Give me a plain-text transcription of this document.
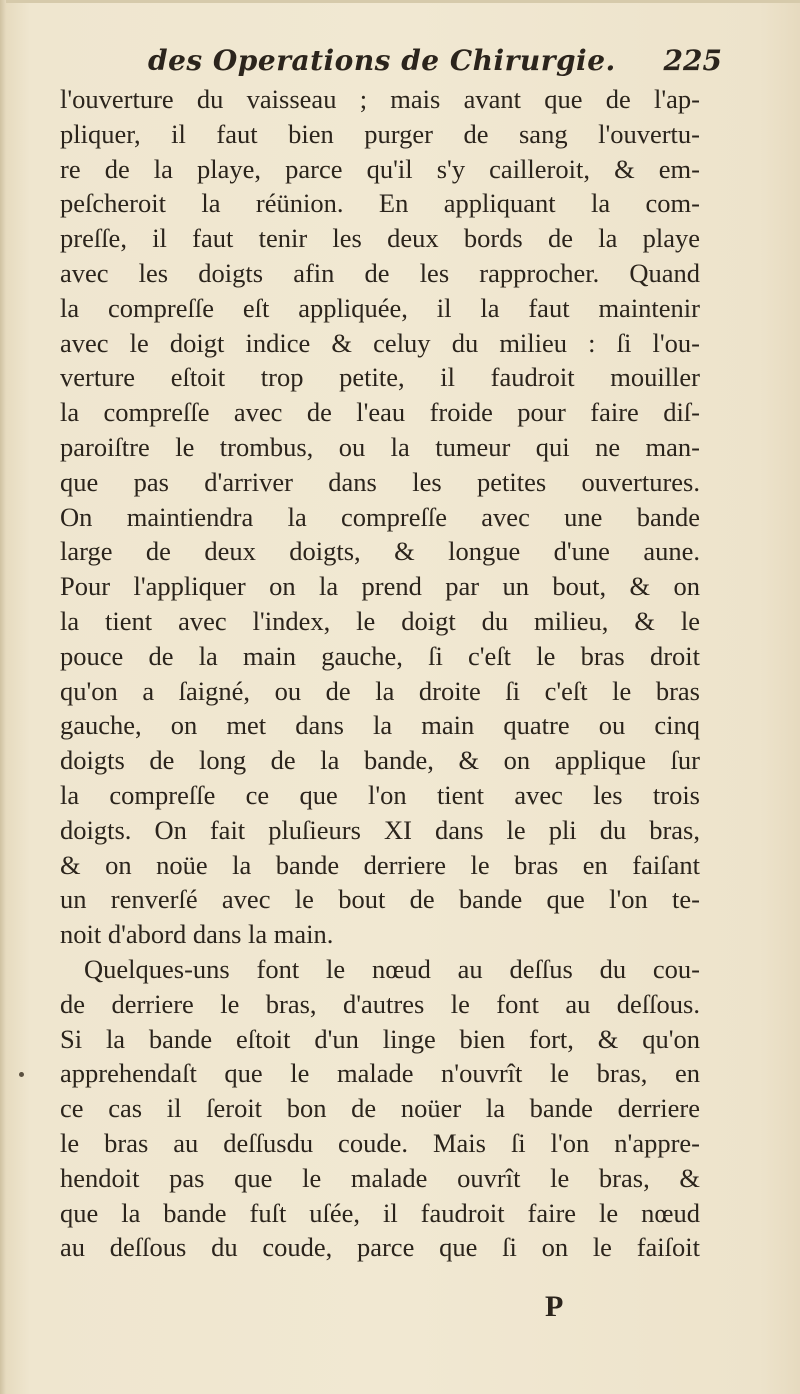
des Operations de Chirurgie. 225
l'ouverture du vaisseau ; mais avant que de l'ap-
pliquer, il faut bien purger de sang l'ouvertu-
re de la playe, parce qu'il s'y cailleroit, & em-
peſcheroit la réünion. En appliquant la com-
preſſe, il faut tenir les deux bords de la playe
avec les doigts afin de les rapprocher. Quand
la compreſſe eſt appliquée, il la faut maintenir
avec le doigt indice & celuy du milieu : ſi l'ou-
verture eſtoit trop petite, il faudroit mouiller
la compreſſe avec de l'eau froide pour faire diſ-
paroiſtre le trombus, ou la tumeur qui ne man-
que pas d'arriver dans les petites ouvertures.
On maintiendra la compreſſe avec une bande
large de deux doigts, & longue d'une aune.
Pour l'appliquer on la prend par un bout, & on
la tient avec l'index, le doigt du milieu, & le
pouce de la main gauche, ſi c'eſt le bras droit
qu'on a ſaigné, ou de la droite ſi c'eſt le bras
gauche, on met dans la main quatre ou cinq
doigts de long de la bande, & on applique ſur
la compreſſe ce que l'on tient avec les trois
doigts. On fait pluſieurs XI dans le pli du bras,
& on noüe la bande derriere le bras en faiſant
un renverſé avec le bout de bande que l'on te-
noit d'abord dans la main.
Quelques-uns font le nœud au deſſus du cou-
de derriere le bras, d'autres le font au deſſous.
Si la bande eſtoit d'un linge bien fort, & qu'on
apprehendaſt que le malade n'ouvrît le bras, en
ce cas il ſeroit bon de noüer la bande derriere
le bras au deſſusdu coude. Mais ſi l'on n'appre-
hendoit pas que le malade ouvrît le bras, &
que la bande fuſt uſée, il faudroit faire le nœud
au deſſous du coude, parce que ſi on le faiſoit
P
